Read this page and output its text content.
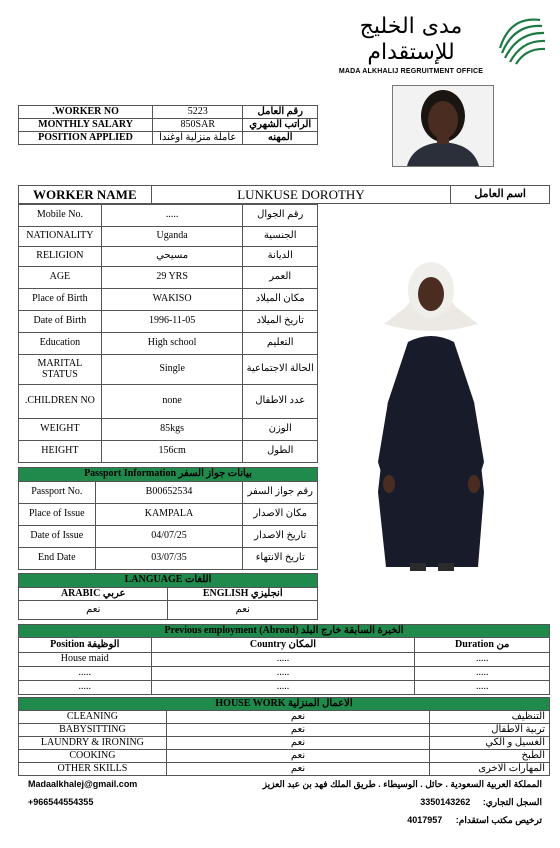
مدى الخليج للإستقدام
MADA ALKHALIJ REGRUITMENT OFFICE
.WORKER NO	5223	رقم العامل
MONTHLY SALARY	850SAR	الراتب الشهري
POSITION APPLIED	عاملة منزلية اوغندا	المهنه
WORKER NAME	LUNKUSE DOROTHY	اسم العامل
Mobile No.	.....	رقم الجوال
NATIONALITY	Uganda	الجنسية
RELIGION	مسيحي	الديانة
AGE	29 YRS	العمر
Place of Birth	WAKISO	مكان الميلاد
Date of Birth	1996-11-05	تاريخ الميلاد
Education	High school	التعليم
MARITAL STATUS	Single	الحالة الاجتماعية
.CHILDREN NO	none	عدد الاطفال
WEIGHT	85kgs	الوزن
HEIGHT	156cm	الطول
Passport Information بيانات جواز السفر		
Passport No.	B00652534	رقم جواز السفر
Place of Issue	KAMPALA	مكان الاصدار
Date of Issue	04/07/25	تاريخ الاصدار
End Date	03/07/35	تاريخ الانتهاء
LANGUAGE اللغات	
ARABIC عربي	ENGLISH انجليزي
نعم	نعم
Previous employment (Abroad) الخبرة السابقة خارج البلد		
Position الوظيفة	Country المكان	Duration من
House maid	.....	.....
.....	.....	.....
.....	.....	.....
HOUSE WORK الاعمال المنزلية		
CLEANING	نعم	التنظيف
BABYSITTING	نعم	تربية الاطفال
LAUNDRY & IRONING	نعم	الغسيل و الكي
COOKING	نعم	الطبخ
OTHER SKILLS	نعم	المهارات الاخرى
Madaalkhalej@gmail.com
+966544554355
المملكة العربية السعودية . حائل . الوسيطاء . طريق الملك فهد بن عبد العزيز
السجل التجاري: 3350143262
ترخيص مكتب استقدام: 4017957
